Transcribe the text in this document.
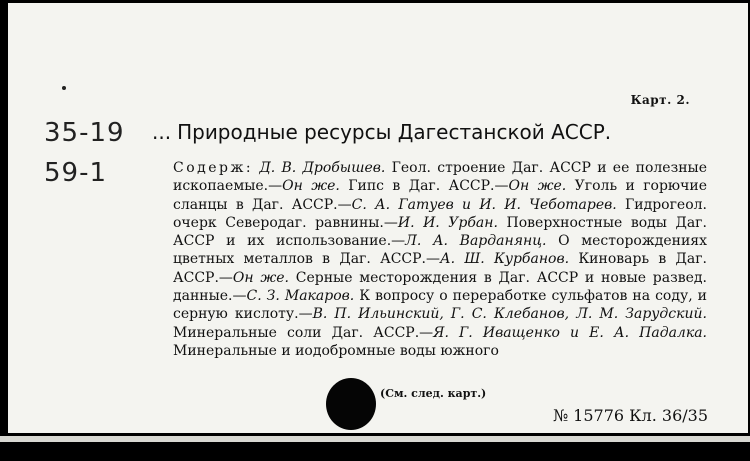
Карт. 2.
35-19
59-1
... Природные ресурсы Дагестанской АССР.
Содерж: Д. В. Дробышев. Геол. строение Даг. АССР и ее полезные ископаемые.—Он же. Гипс в Даг. АССР.—Он же. Уголь и горючие сланцы в Даг. АССР.—С. А. Гатуев и И. И. Чеботарев. Гидрогеол. очерк Северодаг. равнины.—И. И. Урбан. Поверхностные воды Даг. АССР и их использование.—Л. А. Варданянц. О месторождениях цветных металлов в Даг. АССР.—А. Ш. Курбанов. Киноварь в Даг. АССР.—Он же. Серные месторождения в Даг. АССР и новые развед. данные.—С. З. Макаров. К вопросу о переработке сульфатов на соду, и серную кислоту.—В. П. Ильинский, Г. С. Клебанов, Л. М. Зарудский. Минеральные соли Даг. АССР.—Я. Г. Иващенко и Е. А. Падалка. Минеральные и иодобромные воды южного
(См. след. карт.)
№ 15776 Кл. 36/35
